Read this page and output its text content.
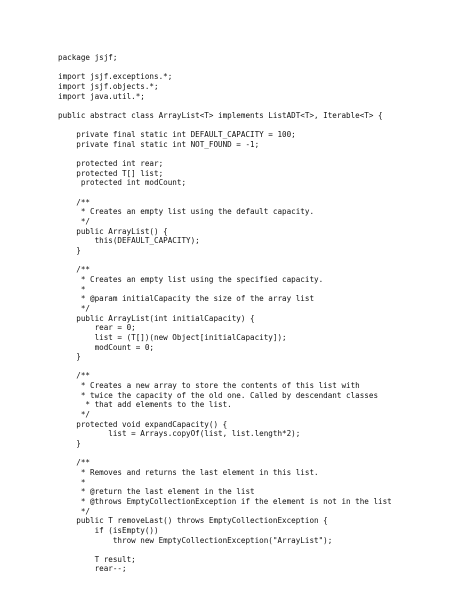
package jsjf;
import jsjf.exceptions.*;
import jsjf.objects.*;
import java.util.*;
public abstract class ArrayList<T> implements ListADT<T>, Iterable<T> {
private final static int DEFAULT_CAPACITY = 100;
private final static int NOT_FOUND = -1;
protected int rear;
protected T[] list;
protected int modCount;
/**
* Creates an empty list using the default capacity.
*/
public ArrayList() {
this(DEFAULT_CAPACITY);
}
/**
* Creates an empty list using the specified capacity.
*
* @param initialCapacity the size of the array list
*/
public ArrayList(int initialCapacity) {
rear = 0;
list = (T[])(new Object[initialCapacity]);
modCount = 0;
}
/**
* Creates a new array to store the contents of this list with
* twice the capacity of the old one. Called by descendant classes
* that add elements to the list.
*/
protected void expandCapacity() {
list = Arrays.copyOf(list, list.length*2);
}
/**
* Removes and returns the last element in this list.
*
* @return the last element in the list
* @throws EmptyCollectionException if the element is not in the list
*/
public T removeLast() throws EmptyCollectionException {
if (isEmpty())
throw new EmptyCollectionException("ArrayList");
T result;
rear--;
